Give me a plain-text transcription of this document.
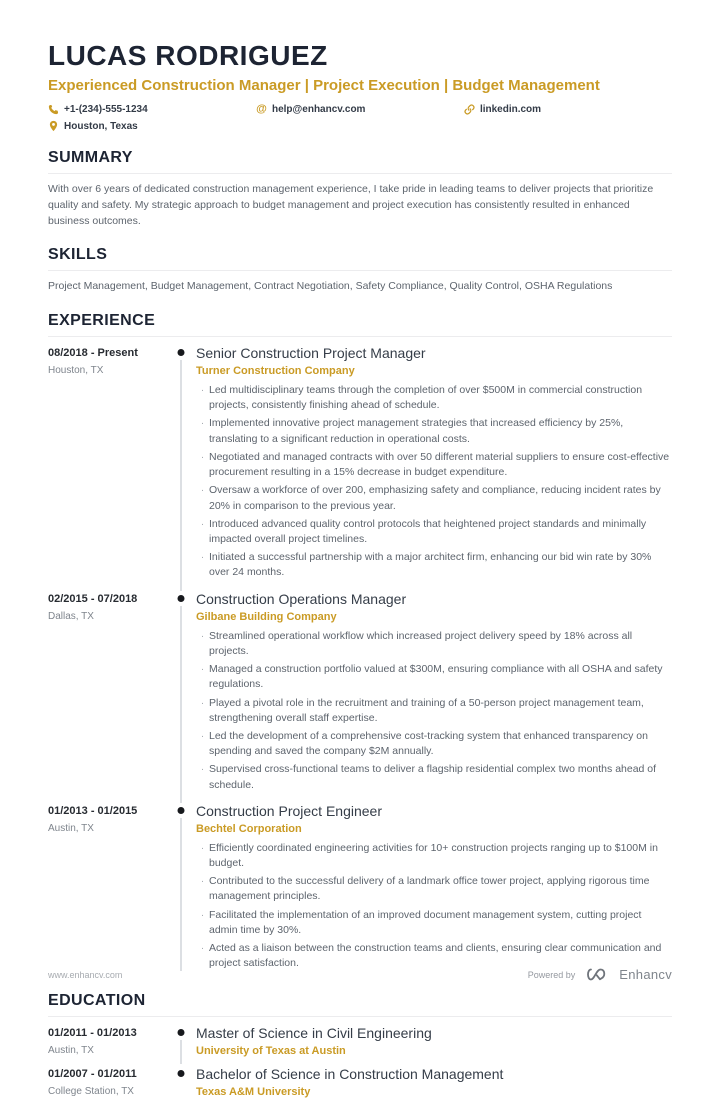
LUCAS RODRIGUEZ
Experienced Construction Manager | Project Execution | Budget Management
+1-(234)-555-1234	@ help@enhancv.com	linkedin.com
Houston, Texas
SUMMARY
With over 6 years of dedicated construction management experience, I take pride in leading teams to deliver projects that prioritize quality and safety. My strategic approach to budget management and project execution has consistently resulted in enhanced business outcomes.
SKILLS
Project Management, Budget Management, Contract Negotiation, Safety Compliance, Quality Control, OSHA Regulations
EXPERIENCE
08/2018 - Present
Houston, TX
Senior Construction Project Manager
Turner Construction Company
· Led multidisciplinary teams through the completion of over $500M in commercial construction projects, consistently finishing ahead of schedule.
· Implemented innovative project management strategies that increased efficiency by 25%, translating to a significant reduction in operational costs.
· Negotiated and managed contracts with over 50 different material suppliers to ensure cost-effective procurement resulting in a 15% decrease in budget expenditure.
· Oversaw a workforce of over 200, emphasizing safety and compliance, reducing incident rates by 20% in comparison to the previous year.
· Introduced advanced quality control protocols that heightened project standards and minimally impacted overall project timelines.
· Initiated a successful partnership with a major architect firm, enhancing our bid win rate by 30% over 24 months.
02/2015 - 07/2018
Dallas, TX
Construction Operations Manager
Gilbane Building Company
· Streamlined operational workflow which increased project delivery speed by 18% across all projects.
· Managed a construction portfolio valued at $300M, ensuring compliance with all OSHA and safety regulations.
· Played a pivotal role in the recruitment and training of a 50-person project management team, strengthening overall staff expertise.
· Led the development of a comprehensive cost-tracking system that enhanced transparency on spending and saved the company $2M annually.
· Supervised cross-functional teams to deliver a flagship residential complex two months ahead of schedule.
01/2013 - 01/2015
Austin, TX
Construction Project Engineer
Bechtel Corporation
· Efficiently coordinated engineering activities for 10+ construction projects ranging up to $100M in budget.
· Contributed to the successful delivery of a landmark office tower project, applying rigorous time management principles.
· Facilitated the implementation of an improved document management system, cutting project admin time by 30%.
· Acted as a liaison between the construction teams and clients, ensuring clear communication and project satisfaction.
EDUCATION
01/2011 - 01/2013
Austin, TX
Master of Science in Civil Engineering
University of Texas at Austin
01/2007 - 01/2011
College Station, TX
Bachelor of Science in Construction Management
Texas A&M University
www.enhancv.com	Powered by	Enhancv
